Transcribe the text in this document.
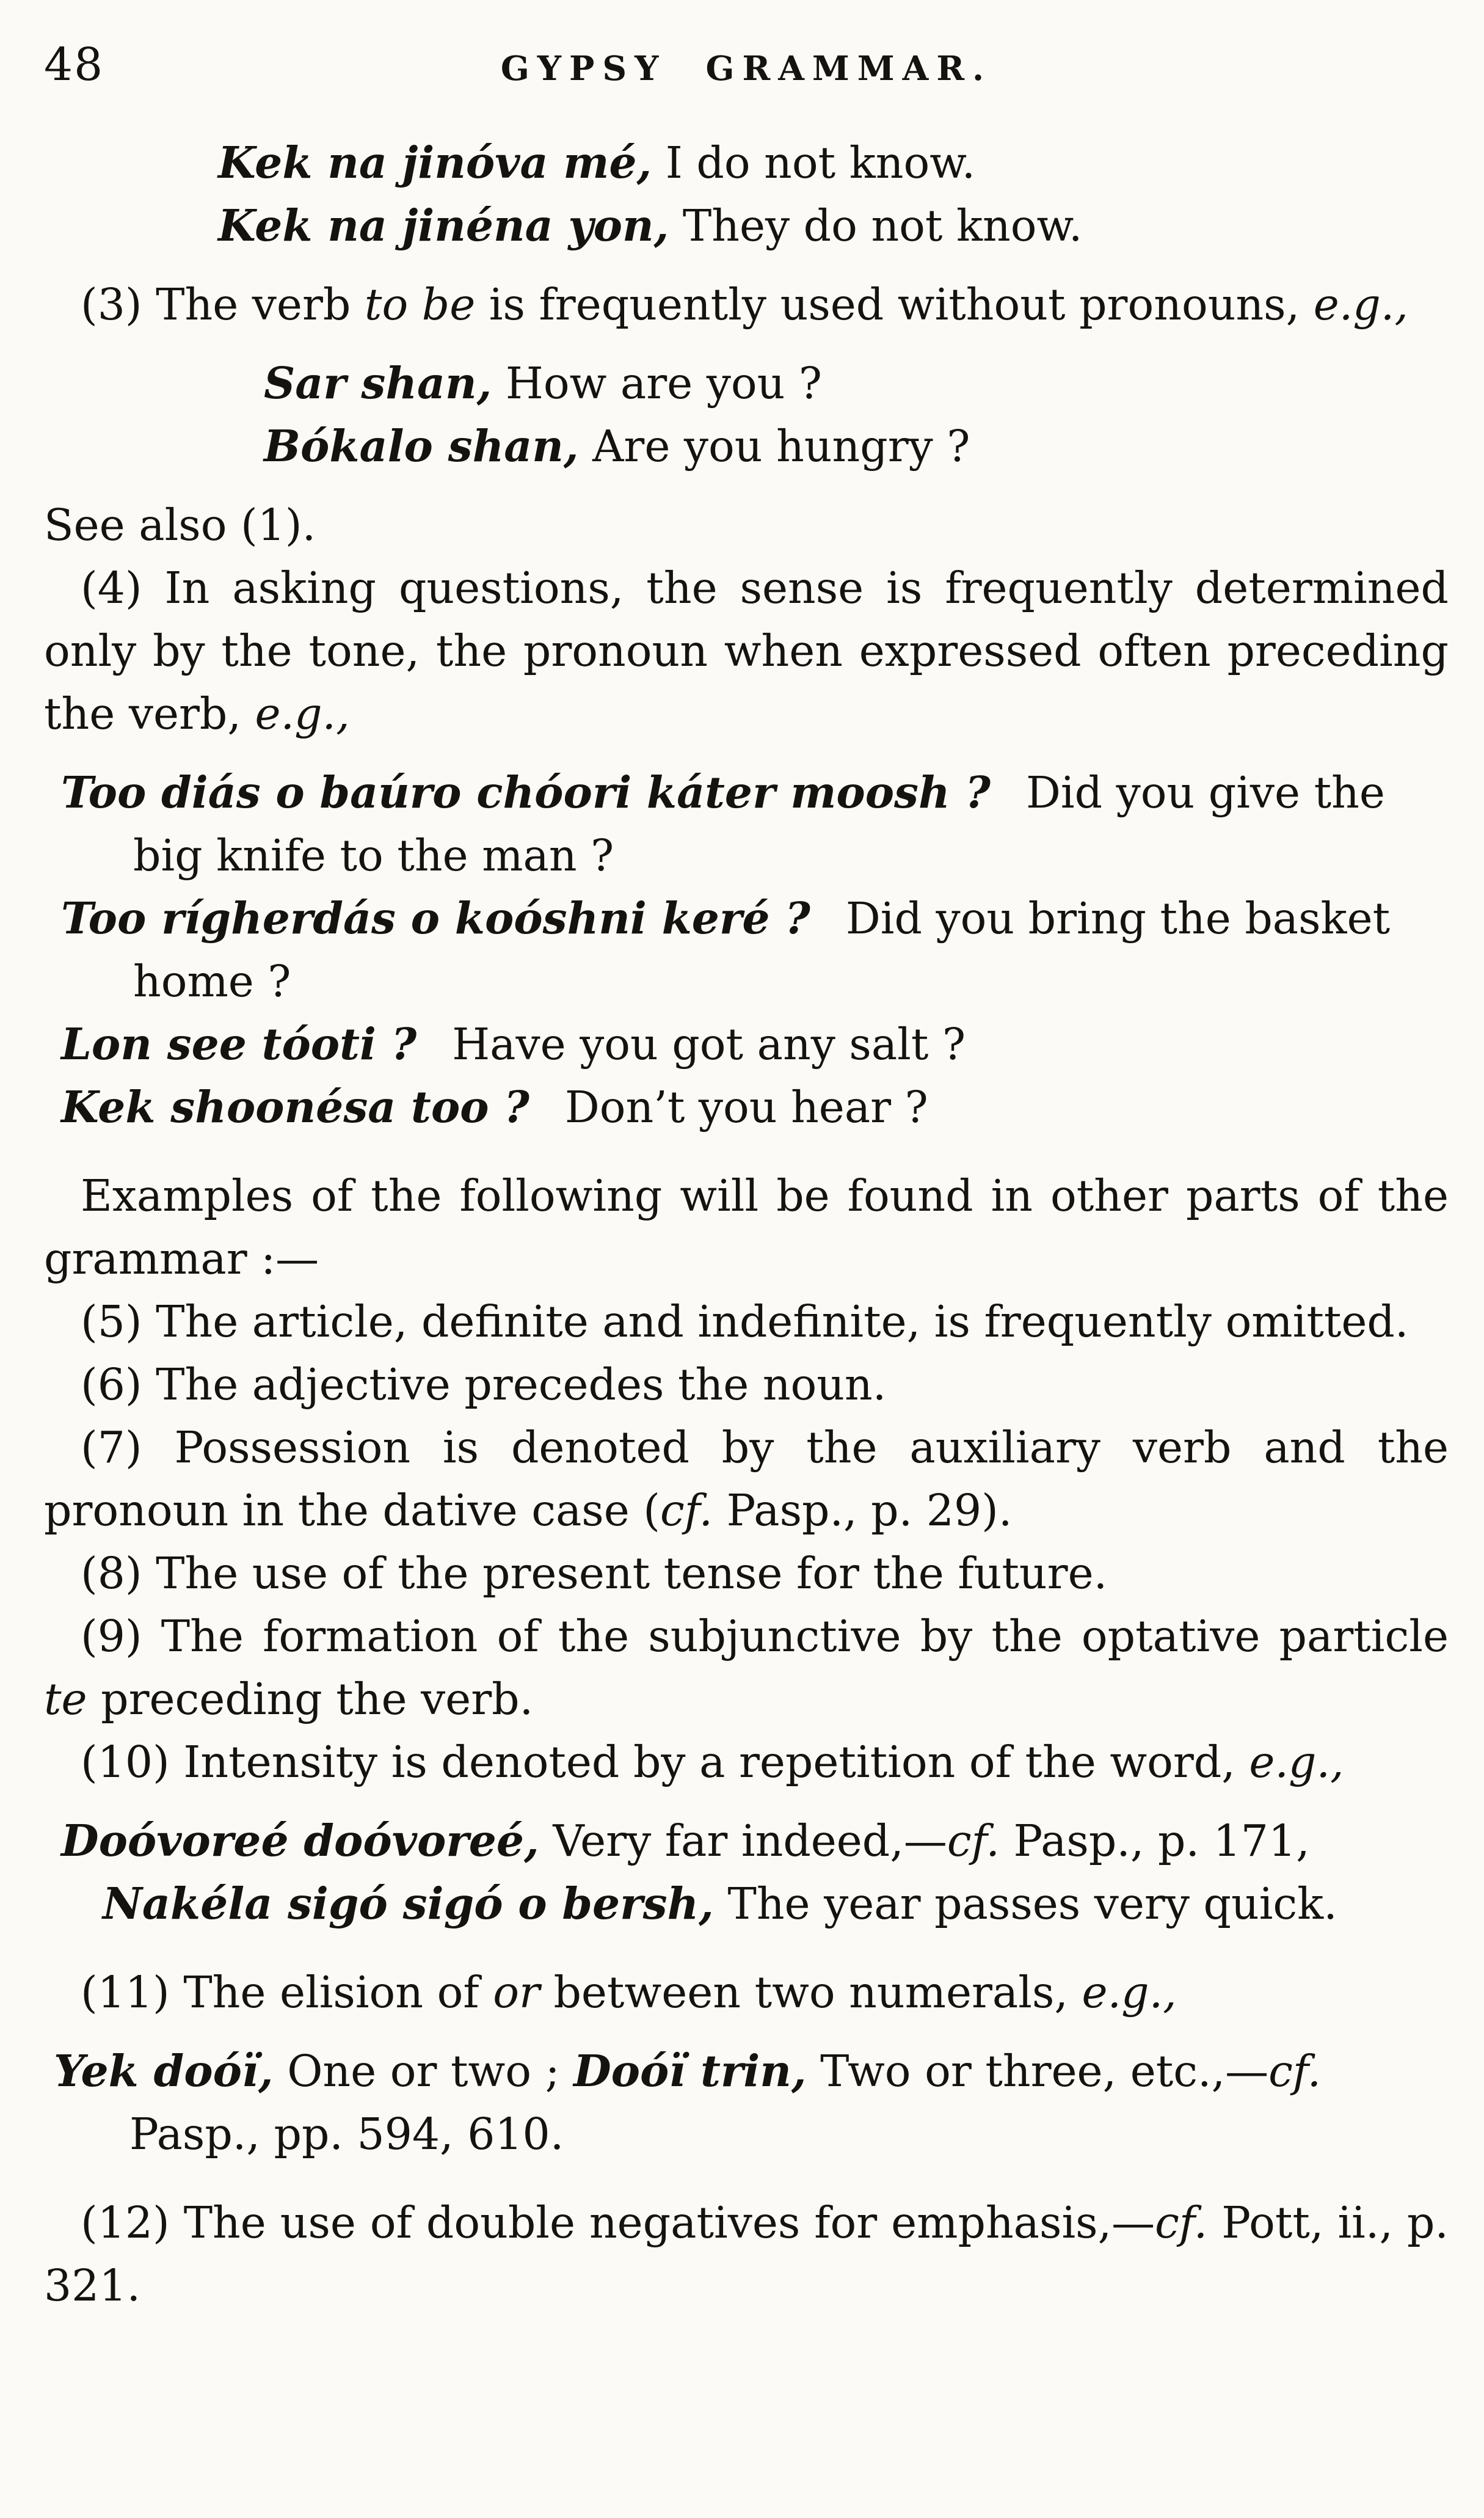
48	GYPSY GRAMMAR.

Kek na jinóva mé, I do not know.

Kek na jinéna yon, They do not know.

(3) The verb to be is frequently used without pronouns, e.g.,

Sar shan, How are you ?

Bókalo shan, Are you hungry ?

See also (1).

(4) In asking questions, the sense is frequently determined only by the tone, the pronoun when expressed often preceding the verb, e.g.,

Too diás o baúro chóori káter moosh ? Did you give the big knife to the man ?

Too rígherdás o koóshni keré ? Did you bring the basket home ?

Lon see tóoti ? Have you got any salt ?

Kek shoonésa too ? Don’t you hear ?

Examples of the following will be found in other parts of the grammar :—

(5) The article, definite and indefinite, is frequently omitted.

(6) The adjective precedes the noun.

(7) Possession is denoted by the auxiliary verb and the pronoun in the dative case (cf. Pasp., p. 29).

(8) The use of the present tense for the future.

(9) The formation of the subjunctive by the optative particle te preceding the verb.

(10) Intensity is denoted by a repetition of the word, e.g.,

Doóvoreé doóvoreé, Very far indeed,—cf. Pasp., p. 171,

Nakéla sigó sigó o bersh, The year passes very quick.

(11) The elision of or between two numerals, e.g.,

Yek doóï, One or two ; Doóï trin, Two or three, etc.,—cf. Pasp., pp. 594, 610.

(12) The use of double negatives for emphasis,—cf. Pott, ii., p. 321.
